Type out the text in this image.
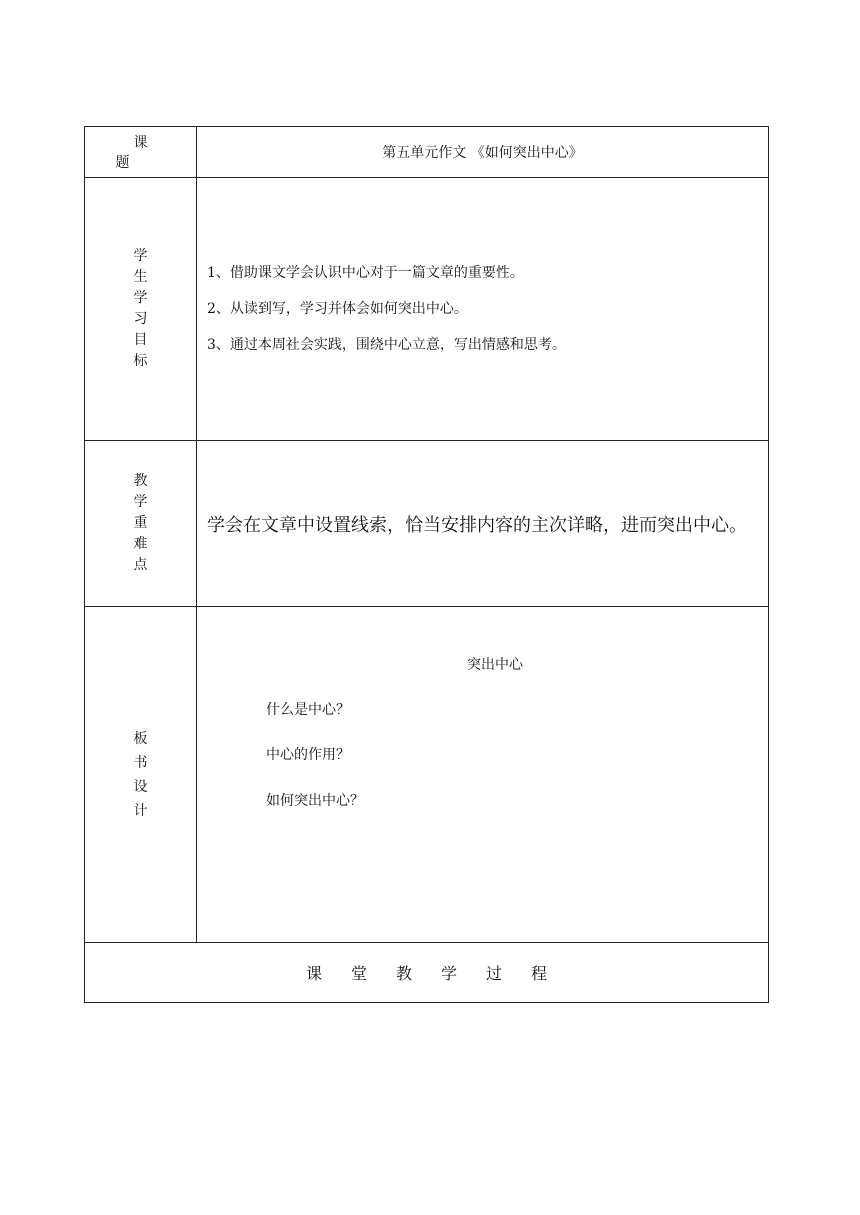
课题	第五单元作文 《如何突出中心》
学生学习目标	1、借助课文学会认识中心对于一篇文章的重要性。

2、从读到写，学习并体会如何突出中心。

3、通过本周社会实践，围绕中心立意，写出情感和思考。

教学重难点	学会在文章中设置线索，恰当安排内容的主次详略，进而突出中心。
板书设计	突出中心

什么是中心？

中心的作用？

如何突出中心？

课堂教学过程	
